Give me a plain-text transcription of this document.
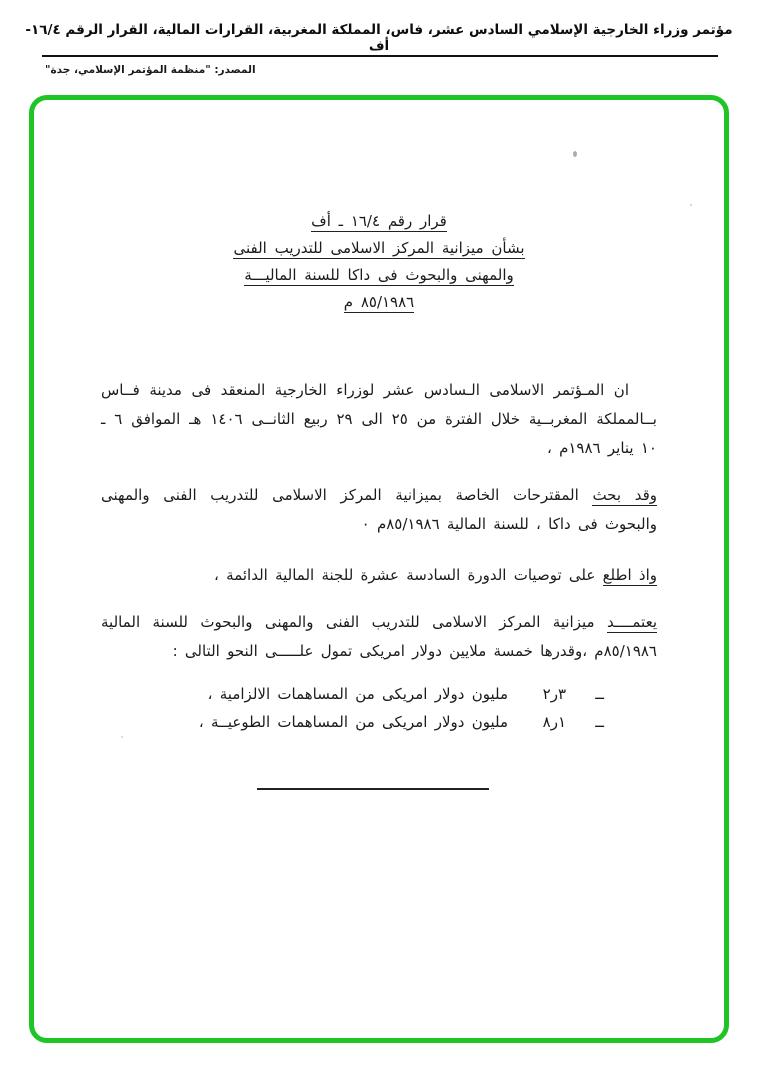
مؤتمر وزراء الخارجية الإسلامي السادس عشر، فاس، المملكة المغربية، القرارات المالية، القرار الرقم ١٦/٤-أف
المصدر: "منظمة المؤتمر الإسلامي، جدة"
قرار رقم ١٦/٤ ـ أف
بشأن ميزانية المركز الاسلامى للتدريب الفنى
والمهنى والبحوث فى داكا للسنة الماليـــة
٨٥/١٩٨٦ م

ان المـؤتمر الاسلامى الـسادس عشر لوزراء الخارجية المنعقد فى مدينة فــاس بــالمملكة المغربــية خلال الفترة من ٢٥ الى ٢٩ ربيع الثانــى ١٤٠٦ هـ الموافق ٦ ـ ١٠ يناير ١٩٨٦م ،

وقد بحث المقترحات الخاصة بميزانية المركز الاسلامى للتدريب الفنى والمهنى والبحوث فى داكا ، للسنة المالية ٨٥/١٩٨٦م ٠

واذ اطلع على توصيات الدورة السادسة عشرة للجنة المالية الدائمة ،

يعتمــــد ميزانية المركز الاسلامى للتدريب الفنى والمهنى والبحوث للسنة المالية ٨٥/١٩٨٦م ،وقدرها خمسة ملايين دولار امريكى تمول علـــــى النحو التالى :

ــ
٣ر٢
مليون دولار امريكى من المساهمات الالزامية ،
ــ
١ر٨
مليون دولار امريكى من المساهمات الطوعيــة ،
